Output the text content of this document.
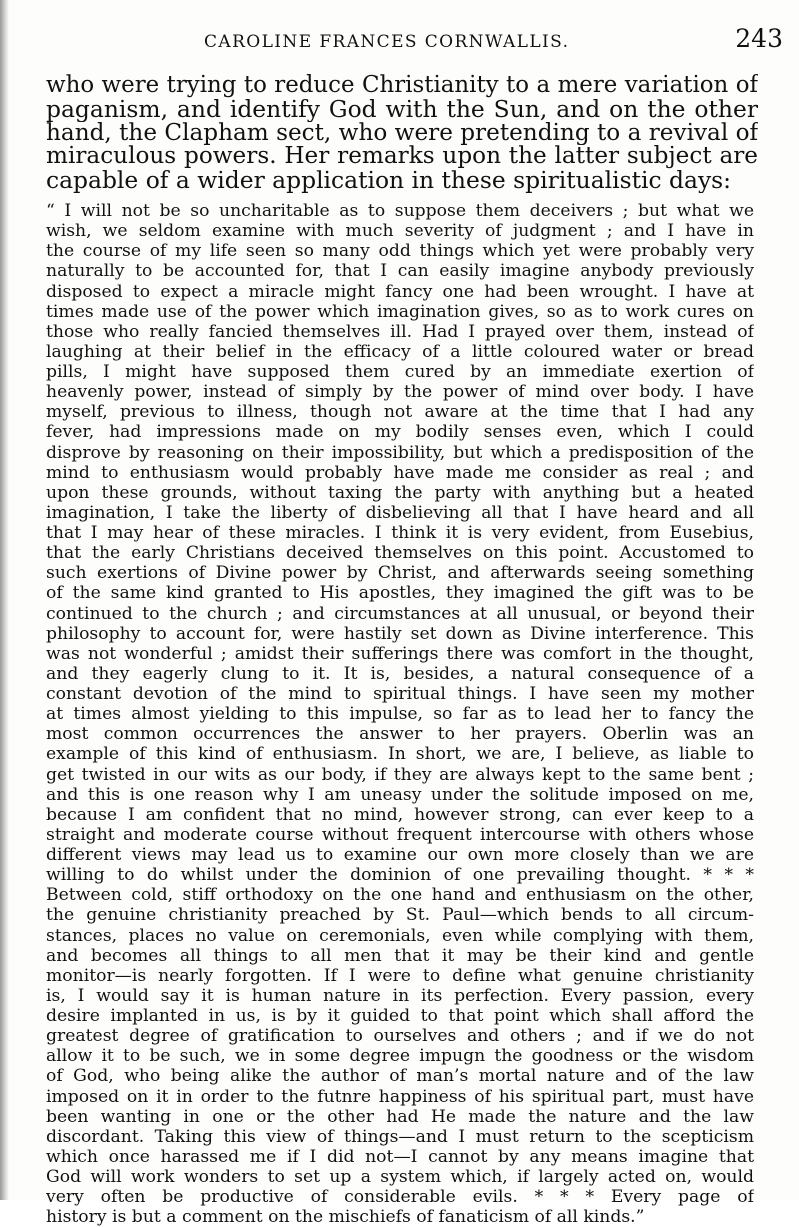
CAROLINE FRANCES CORNWALLIS.	243
who were trying to reduce Christianity to a mere variation of
paganism, and identify God with the Sun, and on the other
hand, the Clapham sect, who were pretending to a revival of
miraculous powers. Her remarks upon the latter subject are
capable of a wider application in these spiritualistic days:
“ I will not be so uncharitable as to suppose them deceivers ; but what we
wish, we seldom examine with much severity of judgment ; and I have in
the course of my life seen so many odd things which yet were probably very
naturally to be accounted for, that I can easily imagine anybody previously
disposed to expect a miracle might fancy one had been wrought. I have at
times made use of the power which imagination gives, so as to work cures on
those who really fancied themselves ill. Had I prayed over them, instead of
laughing at their belief in the efficacy of a little coloured water or bread
pills, I might have supposed them cured by an immediate exertion of
heavenly power, instead of simply by the power of mind over body. I have
myself, previous to illness, though not aware at the time that I had any
fever, had impressions made on my bodily senses even, which I could
disprove by reasoning on their impossibility, but which a predisposition of the
mind to enthusiasm would probably have made me consider as real ; and
upon these grounds, without taxing the party with anything but a heated
imagination, I take the liberty of disbelieving all that I have heard and all
that I may hear of these miracles. I think it is very evident, from Eusebius,
that the early Christians deceived themselves on this point. Accustomed to
such exertions of Divine power by Christ, and afterwards seeing something
of the same kind granted to His apostles, they imagined the gift was to be
continued to the church ; and circumstances at all unusual, or beyond their
philosophy to account for, were hastily set down as Divine interference. This
was not wonderful ; amidst their sufferings there was comfort in the thought,
and they eagerly clung to it. It is, besides, a natural consequence of a
constant devotion of the mind to spiritual things. I have seen my mother
at times almost yielding to this impulse, so far as to lead her to fancy the
most common occurrences the answer to her prayers. Oberlin was an
example of this kind of enthusiasm. In short, we are, I believe, as liable to
get twisted in our wits as our body, if they are always kept to the same bent ;
and this is one reason why I am uneasy under the solitude imposed on me,
because I am confident that no mind, however strong, can ever keep to a
straight and moderate course without frequent intercourse with others whose
different views may lead us to examine our own more closely than we are
willing to do whilst under the dominion of one prevailing thought. * * *
Between cold, stiff orthodoxy on the one hand and enthusiasm on the other,
the genuine christianity preached by St. Paul—which bends to all circum-
stances, places no value on ceremonials, even while complying with them,
and becomes all things to all men that it may be their kind and gentle
monitor—is nearly forgotten. If I were to define what genuine christianity
is, I would say it is human nature in its perfection. Every passion, every
desire implanted in us, is by it guided to that point which shall afford the
greatest degree of gratification to ourselves and others ; and if we do not
allow it to be such, we in some degree impugn the goodness or the wisdom
of God, who being alike the author of man’s mortal nature and of the law
imposed on it in order to the futnre happiness of his spiritual part, must have
been wanting in one or the other had He made the nature and the law
discordant. Taking this view of things—and I must return to the scepticism
which once harassed me if I did not—I cannot by any means imagine that
God will work wonders to set up a system which, if largely acted on, would
very often be productive of considerable evils. * * * Every page of
history is but a comment on the mischiefs of fanaticism of all kinds.”
